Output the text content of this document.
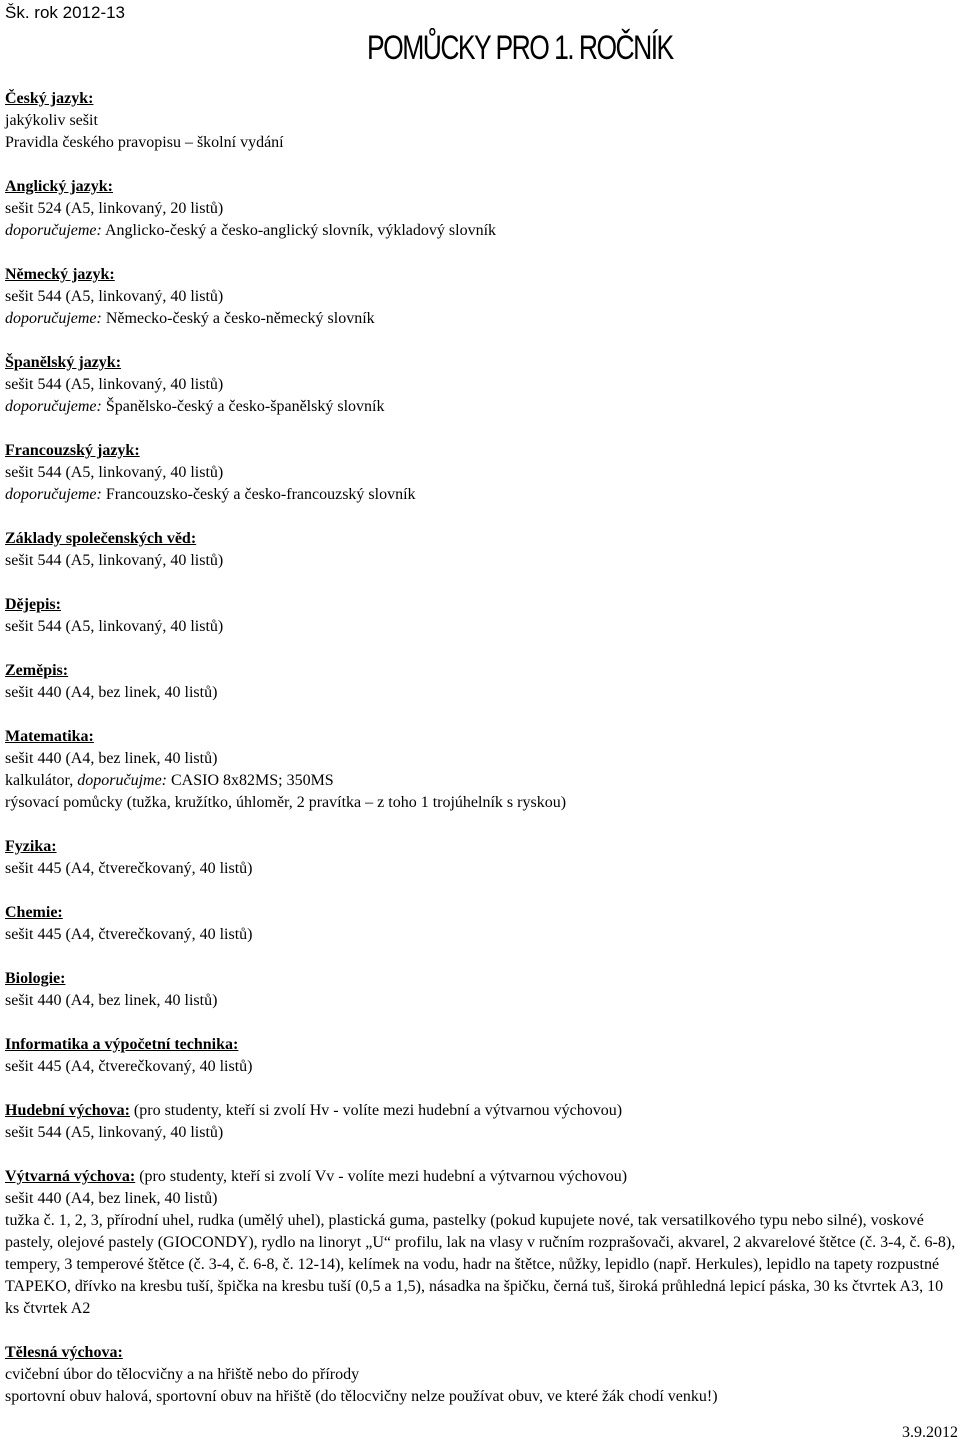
Šk. rok 2012-13
POMŮCKY PRO 1. ROČNÍK
Český jazyk:
jakýkoliv sešit
Pravidla českého pravopisu – školní vydání
Anglický jazyk:
sešit 524 (A5, linkovaný, 20 listů)
doporučujeme: Anglicko-český a česko-anglický slovník, výkladový slovník
Německý jazyk:
sešit 544 (A5, linkovaný, 40 listů)
doporučujeme: Německo-český a česko-německý slovník
Španělský jazyk:
sešit 544 (A5, linkovaný, 40 listů)
doporučujeme: Španělsko-český a česko-španělský slovník
Francouzský jazyk:
sešit 544 (A5, linkovaný, 40 listů)
doporučujeme: Francouzsko-český a česko-francouzský slovník
Základy společenských věd:
sešit 544 (A5, linkovaný, 40 listů)
Dějepis:
sešit 544 (A5, linkovaný, 40 listů)
Zeměpis:
sešit 440 (A4, bez linek, 40 listů)
Matematika:
sešit 440 (A4, bez linek, 40 listů)
kalkulátor, doporučujme: CASIO 8x82MS; 350MS
rýsovací pomůcky (tužka, kružítko, úhloměr, 2 pravítka – z toho 1 trojúhelník s ryskou)
Fyzika:
sešit 445 (A4, čtverečkovaný, 40 listů)
Chemie:
sešit 445 (A4, čtverečkovaný, 40 listů)
Biologie:
sešit 440 (A4, bez linek, 40 listů)
Informatika a výpočetní technika:
sešit 445 (A4, čtverečkovaný, 40 listů)
Hudební výchova: (pro studenty, kteří si zvolí Hv - volíte mezi hudební a výtvarnou výchovou)
sešit 544 (A5, linkovaný, 40 listů)
Výtvarná výchova: (pro studenty, kteří si zvolí Vv - volíte mezi hudební a výtvarnou výchovou)
sešit 440 (A4, bez linek, 40 listů)
tužka č. 1, 2, 3, přírodní uhel, rudka (umělý uhel), plastická guma, pastelky (pokud kupujete nové, tak versatilkového typu nebo silné), voskové pastely, olejové pastely (GIOCONDY), rydlo na linoryt „U“ profilu, lak na vlasy v ručním rozprašovači, akvarel, 2 akvarelové štětce (č. 3-4, č. 6-8), tempery, 3 temperové štětce (č. 3-4, č. 6-8, č. 12-14), kelímek na vodu, hadr na štětce, nůžky, lepidlo (např. Herkules), lepidlo na tapety rozpustné TAPEKO, dřívko na kresbu tuší, špička na kresbu tuší (0,5 a 1,5), násadka na špičku, černá tuš, široká průhledná lepicí páska, 30 ks čtvrtek A3, 10 ks čtvrtek A2
Tělesná výchova:
cvičební úbor do tělocvičny a na hřiště nebo do přírody
sportovní obuv halová, sportovní obuv na hřiště (do tělocvičny nelze používat obuv, ve které žák chodí venku!)
3.9.2012
